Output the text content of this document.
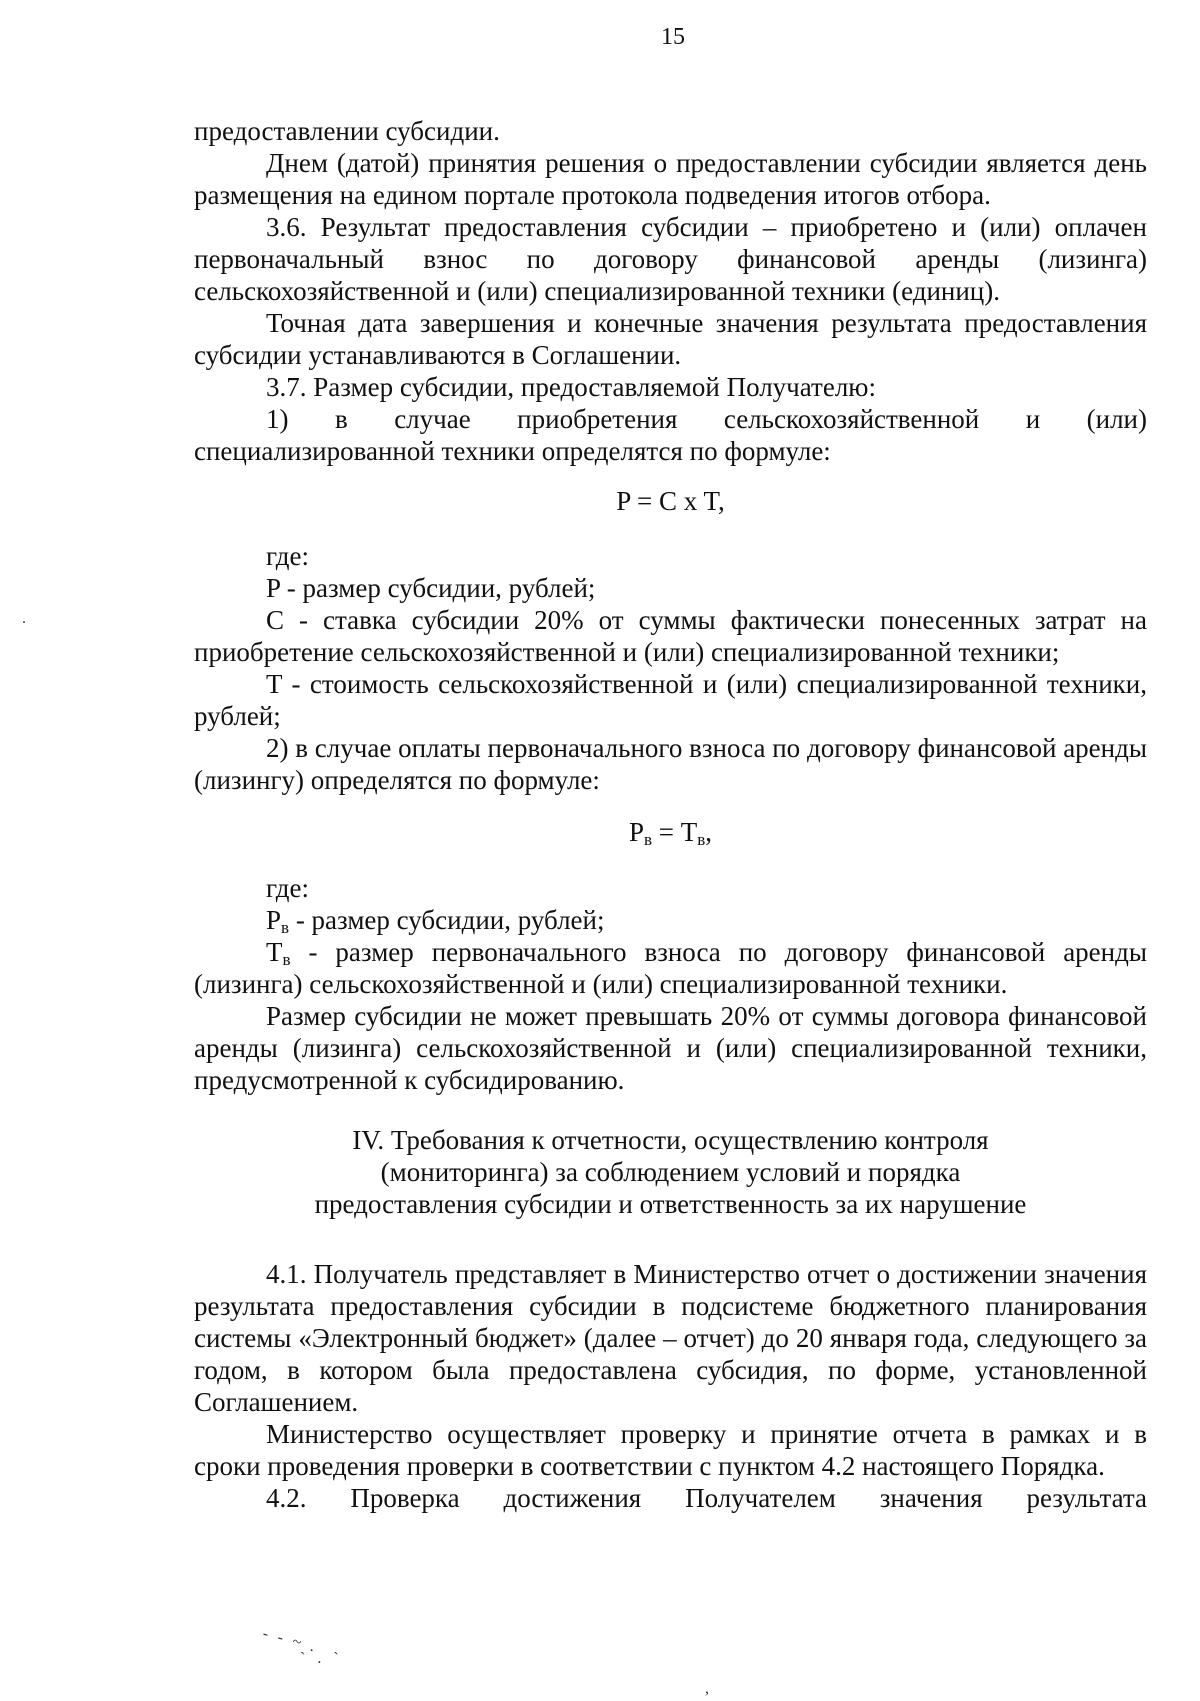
15

предоставлении субсидии.

Днем (датой) принятия решения о предоставлении субсидии является день размещения на едином портале протокола подведения итогов отбора.

3.6. Результат предоставления субсидии – приобретено и (или) оплачен первоначальный взнос по договору финансовой аренды (лизинга) сельскохозяйственной и (или) специализированной техники (единиц).

Точная дата завершения и конечные значения результата предоставления субсидии устанавливаются в Соглашении.

3.7. Размер субсидии, предоставляемой Получателю:

1) в случае приобретения сельскохозяйственной и (или) специализированной техники определятся по формуле:

P = C x T,

где:

P - размер субсидии, рублей;

C - ставка субсидии 20% от суммы фактически понесенных затрат на приобретение сельскохозяйственной и (или) специализированной техники;

T - стоимость сельскохозяйственной и (или) специализированной техники, рублей;

2) в случае оплаты первоначального взноса по договору финансовой аренды (лизингу) определятся по формуле:

$P_в = T_в$,

где:

$P_в$ - размер субсидии, рублей;

$T_в$ - размер первоначального взноса по договору финансовой аренды (лизинга) сельскохозяйственной и (или) специализированной техники.

Размер субсидии не может превышать 20% от суммы договора финансовой аренды (лизинга) сельскохозяйственной и (или) специализированной техники, предусмотренной к субсидированию.

IV. Требования к отчетности, осуществлению контроля
(мониторинга) за соблюдением условий и порядка
предоставления субсидии и ответственность за их нарушение

4.1. Получатель представляет в Министерство отчет о достижении значения результата предоставления субсидии в подсистеме бюджетного планирования системы «Электронный бюджет» (далее – отчет) до 20 января года, следующего за годом, в котором была предоставлена субсидия, по форме, установленной Соглашением.

Министерство осуществляет проверку и принятие отчета в рамках и в сроки проведения проверки в соответствии с пунктом 4.2 настоящего Порядка.

4.2. Проверка достижения Получателем значения результата

- - ~ .
` . `
,
.
